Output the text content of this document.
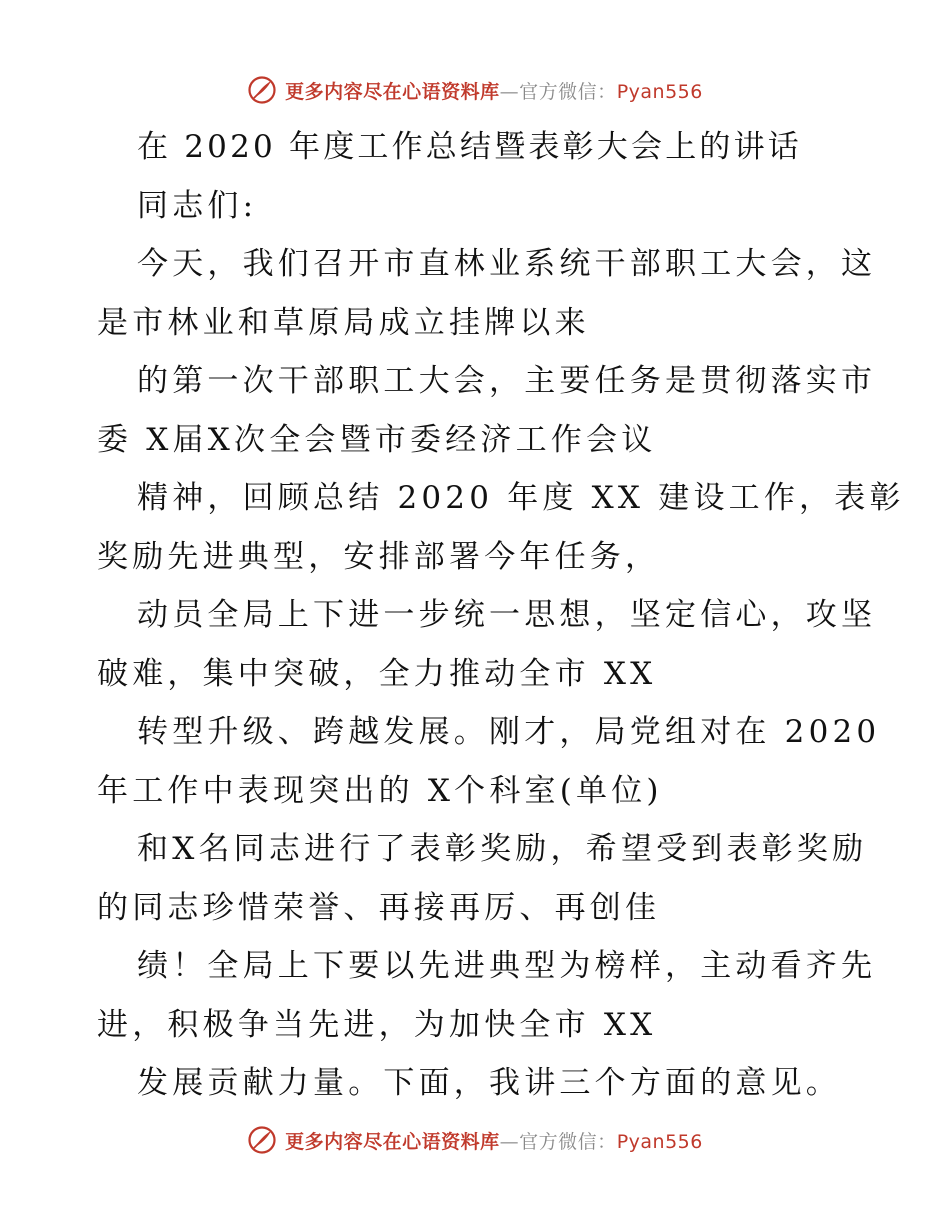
更多内容尽在心语资料库—官方微信：Pyan556
在 2020 年度工作总结暨表彰大会上的讲话
同志们:
今天，我们召开市直林业系统干部职工大会，这
是市林业和草原局成立挂牌以来
的第一次干部职工大会，主要任务是贯彻落实市
委 X届X次全会暨市委经济工作会议
精神，回顾总结 2020 年度 XX 建设工作，表彰
奖励先进典型，安排部署今年任务，
动员全局上下进一步统一思想，坚定信心，攻坚
破难，集中突破，全力推动全市 XX
转型升级、跨越发展。刚才，局党组对在 2020
年工作中表现突出的 X个科室(单位)
和X名同志进行了表彰奖励，希望受到表彰奖励
的同志珍惜荣誉、再接再厉、再创佳
绩！全局上下要以先进典型为榜样，主动看齐先
进，积极争当先进，为加快全市 XX
发展贡献力量。下面，我讲三个方面的意见。
更多内容尽在心语资料库—官方微信：Pyan556
